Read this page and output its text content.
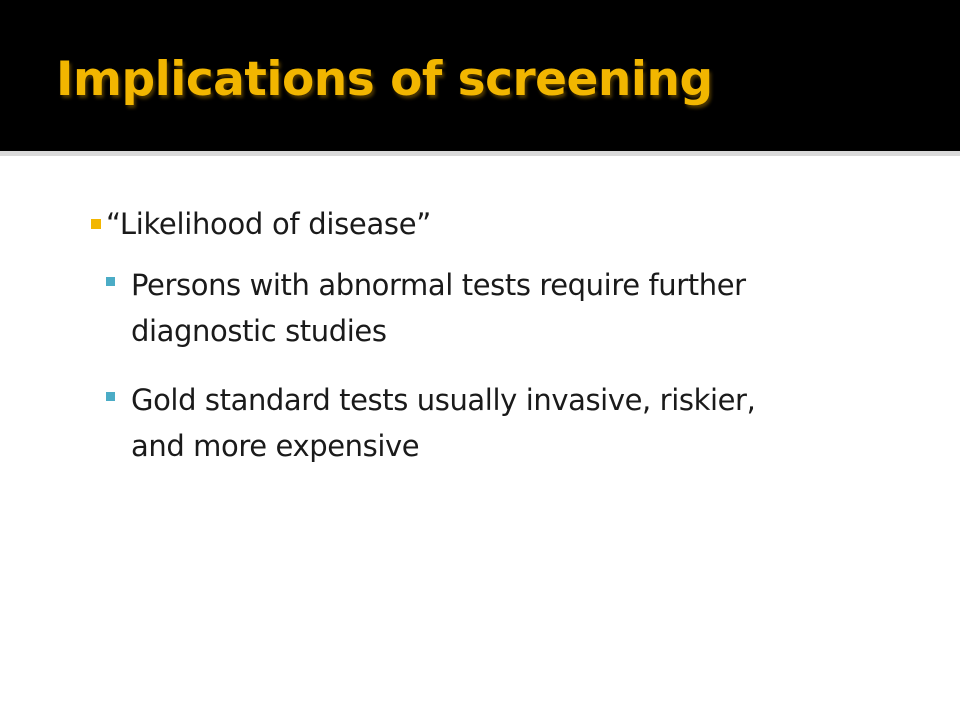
Implications of screening
“Likelihood of disease”
Persons with abnormal tests require further
diagnostic studies
Gold standard tests usually invasive, riskier,
and more expensive
